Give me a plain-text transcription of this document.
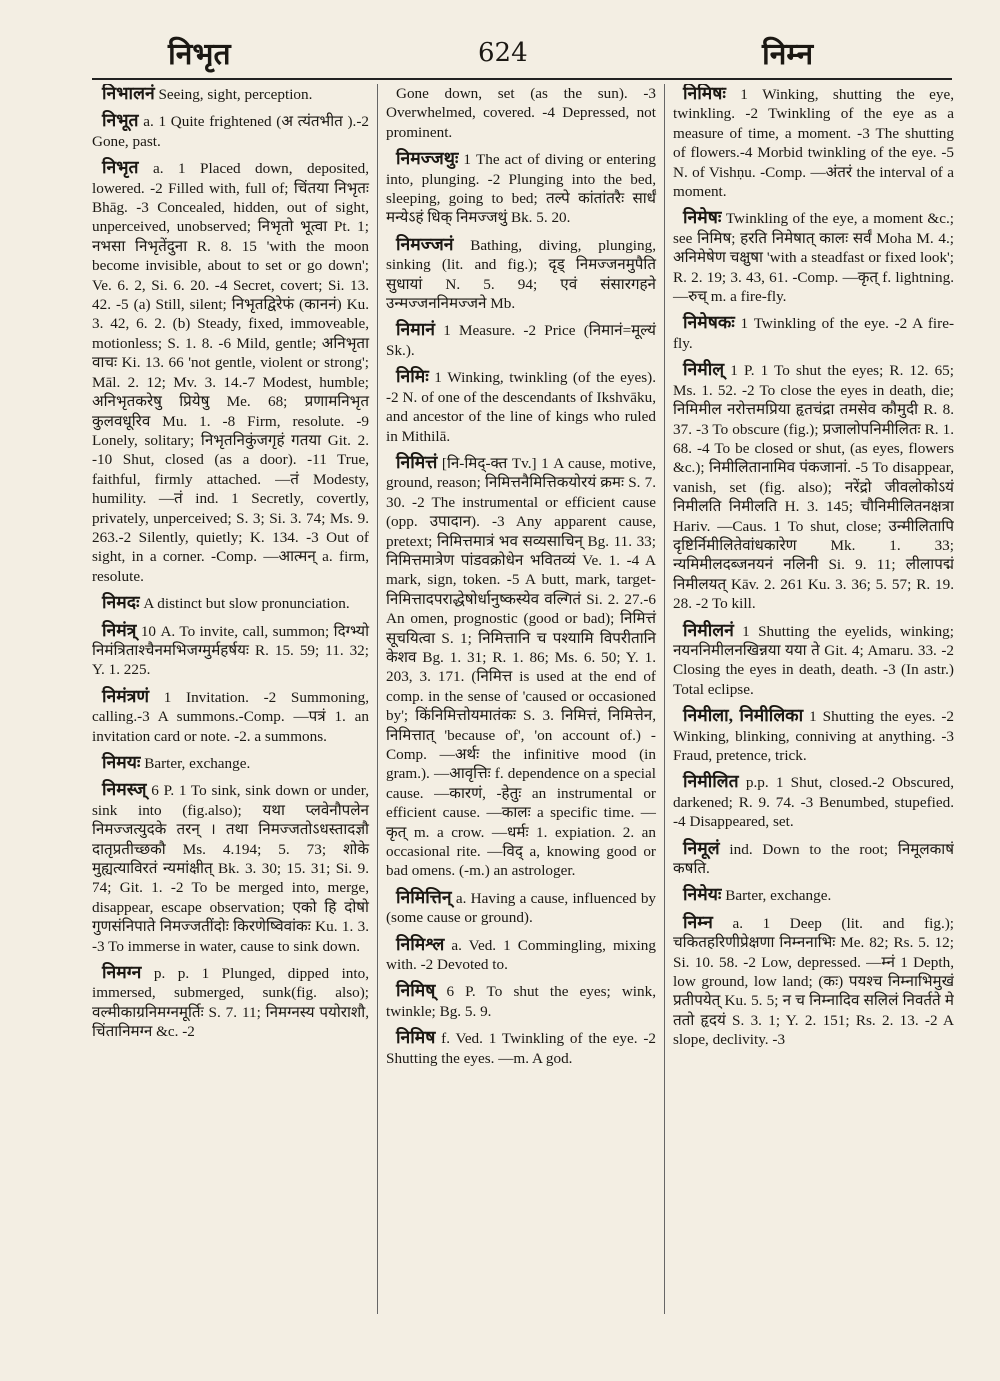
निभृत	624	निम्न

निभालनं Seeing, sight, perception.

निभूत a. 1 Quite frightened (अ त्यंतभीत ).-2 Gone, past.

निभृत a. 1 Placed down, deposited, lowered. -2 Filled with, full of; चिंतया निभृतः Bhāg. -3 Concealed, hidden, out of sight, unperceived, unobserved; निभृतो भूत्वा Pt. 1; नभसा निभृतेंदुना R. 8. 15 'with the moon become invisible, about to set or go down'; Ve. 6. 2, Si. 6. 20. -4 Secret, covert; Si. 13. 42. -5 (a) Still, silent; निभृतद्विरेफं (काननं) Ku. 3. 42, 6. 2. (b) Steady, fixed, immoveable, motionless; S. 1. 8. -6 Mild, gentle; अनिभृता वाचः Ki. 13. 66 'not gentle, violent or strong'; Māl. 2. 12; Mv. 3. 14.-7 Modest, humble; अनिभृतकरेषु प्रियेषु Me. 68; प्रणामनिभृत कुलवधूरिव Mu. 1. -8 Firm, resolute. -9 Lonely, solitary; निभृतनिकुंजगृहं गतया Git. 2. -10 Shut, closed (as a door). -11 True, faithful, firmly attached. —तं Modesty, humility. —तं ind. 1 Secretly, covertly, privately, unperceived; S. 3; Si. 3. 74; Ms. 9. 263.-2 Silently, quietly; K. 134. -3 Out of sight, in a corner. -Comp. —आत्मन् a. firm, resolute.

निमदः A distinct but slow pronunciation.

निमंत्र् 10 A. To invite, call, summon; दिग्भ्यो निमंत्रिताश्चैनमभिजग्मुर्महर्षयः R. 15. 59; 11. 32; Y. 1. 225.

निमंत्रणं 1 Invitation. -2 Summoning, calling.-3 A summons.-Comp. —पत्रं 1. an invitation card or note. -2. a summons.

निमयः Barter, exchange.

निमस्ज् 6 P. 1 To sink, sink down or under, sink into (fig.also); यथा प्लवेनौपलेन निमज्जत्युदके तरन् । तथा निमज्जतोऽधस्तादज्ञौ दातृप्रतीच्छकौ Ms. 4.194; 5. 73; शोके मुह्यत्याविरतं न्यमांक्षीत् Bk. 3. 30; 15. 31; Si. 9. 74; Git. 1. -2 To be merged into, merge, disappear, escape observation; एको हि दोषो गुणसंनिपाते निमज्जतींदोः किरणेष्विवांकः Ku. 1. 3. -3 To immerse in water, cause to sink down.

निमग्न p. p. 1 Plunged, dipped into, immersed, submerged, sunk(fig. also); वल्मीकाग्रनिमग्नमूर्तिः S. 7. 11; निमग्नस्य पयोराशौ, चिंतानिमग्न &c. -2

Gone down, set (as the sun). -3 Overwhelmed, covered. -4 Depressed, not prominent.

निमज्जथुः 1 The act of diving or entering into, plunging. -2 Plunging into the bed, sleeping, going to bed; तल्पे कांतांतरैः सार्धं मन्येऽहं धिक् निमज्जथुं Bk. 5. 20.

निमज्जनं Bathing, diving, plunging, sinking (lit. and fig.); दृड् निमज्जनमुपैति सुधायां N. 5. 94; एवं संसारगहने उन्मज्जननिमज्जने Mb.

निमानं 1 Measure. -2 Price (निमानं=मूल्यं Sk.).

निमिः 1 Winking, twinkling (of the eyes). -2 N. of one of the descendants of Ikshvāku, and ancestor of the line of kings who ruled in Mithilā.

निमित्तं [नि-मिद्-क्त Tv.] 1 A cause, motive, ground, reason; निमित्तनैमित्तिकयोरयं क्रमः S. 7. 30. -2 The instrumental or efficient cause (opp. उपादान). -3 Any apparent cause, pretext; निमित्तमात्रं भव सव्यसाचिन् Bg. 11. 33; निमित्तमात्रेण पांडवक्रोधेन भवितव्यं Ve. 1. -4 A mark, sign, token. -5 A butt, mark, target-निमित्तादपराद्धेषोर्धानुष्कस्येव वल्गितं Si. 2. 27.-6 An omen, prognostic (good or bad); निमित्तं सूचयित्वा S. 1; निमित्तानि च पश्यामि विपरीतानि केशव Bg. 1. 31; R. 1. 86; Ms. 6. 50; Y. 1. 203, 3. 171. (निमित्त is used at the end of comp. in the sense of 'caused or occasioned by'; किंनिमित्तोयमातंकः S. 3. निमित्तं, निमित्तेन, निमित्तात् 'because of', 'on account of.) -Comp. —अर्थः the infinitive mood (in gram.). —आवृत्तिः f. dependence on a special cause. —कारणं, -हेतुः an instrumental or efficient cause. —कालः a specific time. —कृत् m. a crow. —धर्मः 1. expiation. 2. an occasional rite. —विद् a, knowing good or bad omens. (-m.) an astrologer.

निमित्तिन् a. Having a cause, influenced by (some cause or ground).

निमिश्ल a. Ved. 1 Commingling, mixing with. -2 Devoted to.

निमिष् 6 P. To shut the eyes; wink, twinkle; Bg. 5. 9.

निमिष f. Ved. 1 Twinkling of the eye. -2 Shutting the eyes. —m. A god.

निमिषः 1 Winking, shutting the eye, twinkling. -2 Twinkling of the eye as a measure of time, a moment. -3 The shutting of flowers.-4 Morbid twinkling of the eye. -5 N. of Vishṇu. -Comp. —अंतरं the interval of a moment.

निमेषः Twinkling of the eye, a moment &c.; see निमिष; हरति निमेषात् कालः सर्वं Moha M. 4.; अनिमेषेण चक्षुषा 'with a steadfast or fixed look'; R. 2. 19; 3. 43, 61. -Comp. —कृत् f. lightning. —रुच् m. a fire-fly.

निमेषकः 1 Twinkling of the eye. -2 A fire-fly.

निमील् 1 P. 1 To shut the eyes; R. 12. 65; Ms. 1. 52. -2 To close the eyes in death, die; निमिमील नरोत्तमप्रिया हृतचंद्रा तमसेव कौमुदी R. 8. 37. -3 To obscure (fig.); प्रजालोपनिमीलितः R. 1. 68. -4 To be closed or shut, (as eyes, flowers &c.); निमीलितानामिव पंकजानां. -5 To disappear, vanish, set (fig. also); नरेंद्रो जीवलोकोऽयं निमीलति निमीलति H. 3. 145; चौनिमीलितनक्षत्रा Hariv. —Caus. 1 To shut, close; उन्मीलितापि दृष्टिर्निमीलितेवांधकारेण Mk. 1. 33; न्यमिमीलदब्जनयनं नलिनी Si. 9. 11; लीलापद्मं निमीलयत् Kāv. 2. 261 Ku. 3. 36; 5. 57; R. 19. 28. -2 To kill.

निमीलनं 1 Shutting the eyelids, winking; नयननिमीलनखिन्नया यया ते Git. 4; Amaru. 33. -2 Closing the eyes in death, death. -3 (In astr.) Total eclipse.

निमीला, निमीलिका 1 Shutting the eyes. -2 Winking, blinking, conniving at anything. -3 Fraud, pretence, trick.

निमीलित p.p. 1 Shut, closed.-2 Obscured, darkened; R. 9. 74. -3 Benumbed, stupefied. -4 Disappeared, set.

निमूलं ind. Down to the root; निमूलकाषं कषति.

निमेयः Barter, exchange.

निम्न a. 1 Deep (lit. and fig.); चकितहरिणीप्रेक्षणा निम्ननाभिः Me. 82; Rs. 5. 12; Si. 10. 58. -2 Low, depressed. —म्नं 1 Depth, low ground, low land; (कः) पयश्च निम्नाभिमुखं प्रतीपयेत् Ku. 5. 5; न च निम्नादिव सलिलं निवर्तते मे ततो हृदयं S. 3. 1; Y. 2. 151; Rs. 2. 13. -2 A slope, declivity. -3
